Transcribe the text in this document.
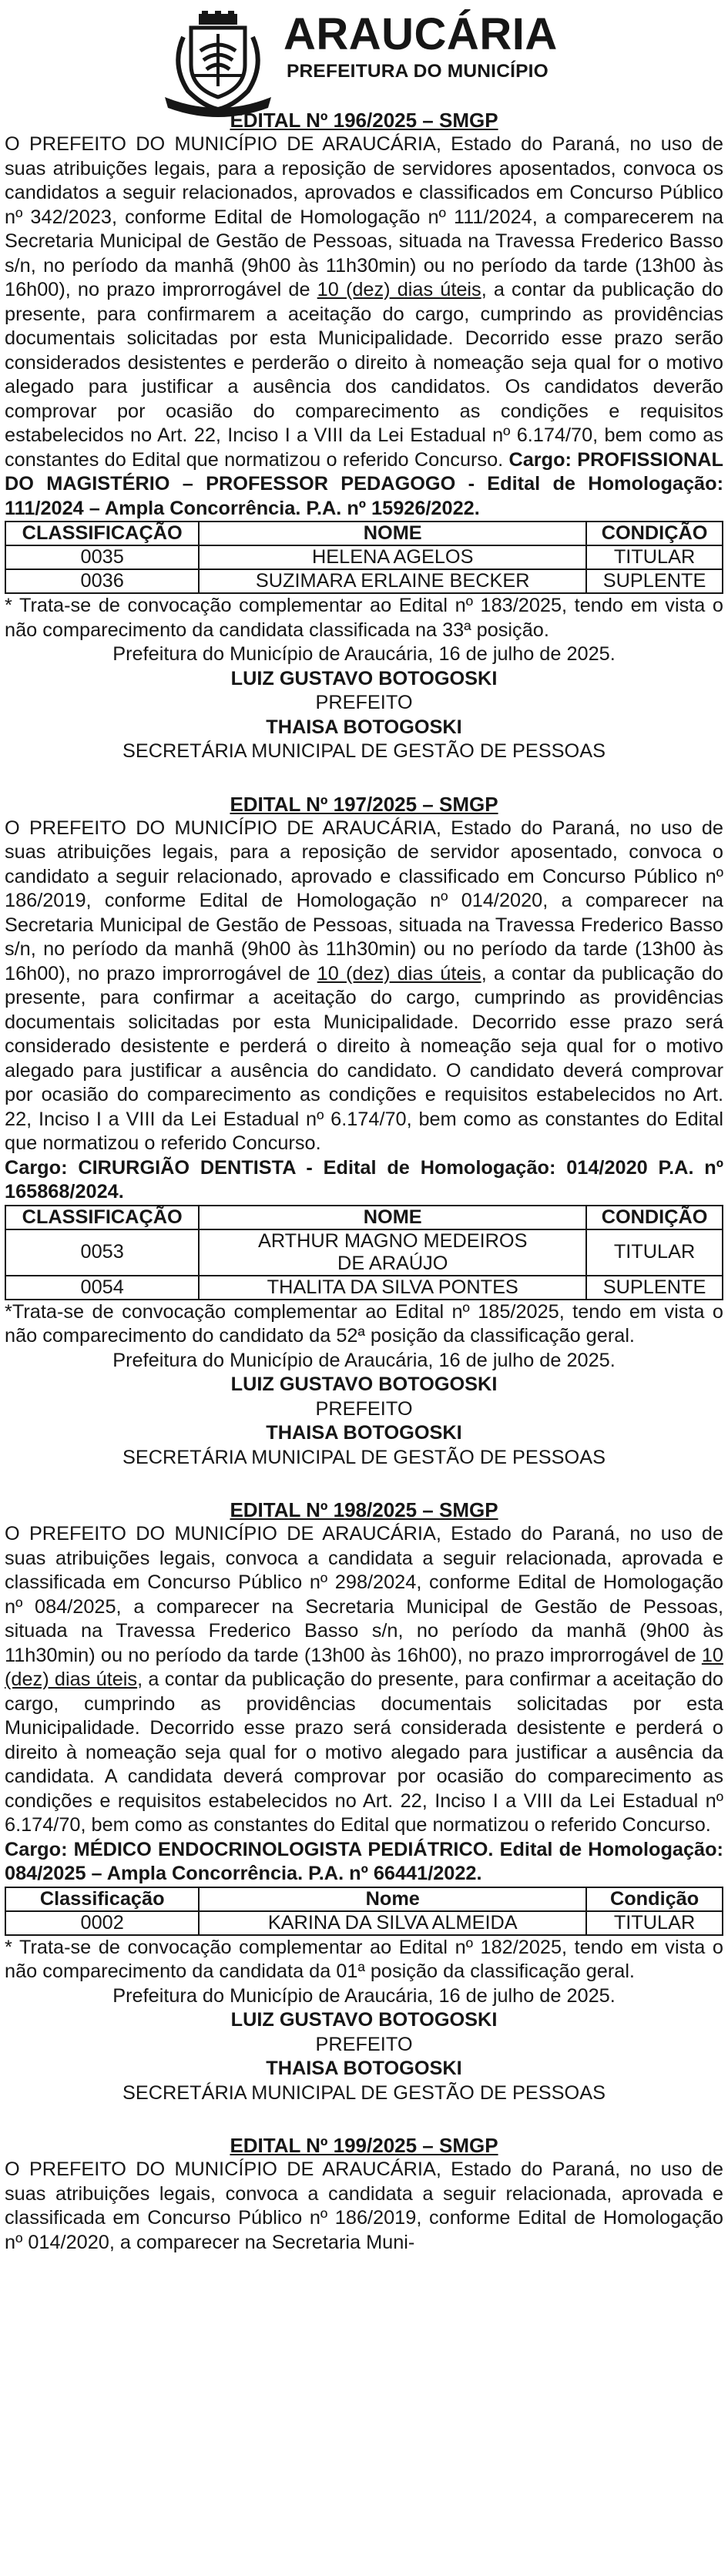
ARAUCÁRIA
PREFEITURA DO MUNICÍPIO

EDITAL Nº 196/2025 – SMGP

O PREFEITO DO MUNICÍPIO DE ARAUCÁRIA, Estado do Paraná, no uso de suas atribuições legais, para a reposição de servidores aposentados, convoca os candidatos a seguir relacionados, aprovados e classificados em Concurso Público nº 342/2023, conforme Edital de Homologação nº 111/2024, a comparecerem na Secretaria Municipal de Gestão de Pessoas, situada na Travessa Frederico Basso s/n, no período da manhã (9h00 às 11h30min) ou no período da tarde (13h00 às 16h00), no prazo improrrogável de 10 (dez) dias úteis, a contar da publicação do presente, para confirmarem a aceitação do cargo, cumprindo as providências documentais solicitadas por esta Municipalidade. Decorrido esse prazo serão considerados desistentes e perderão o direito à nomeação seja qual for o motivo alegado para justificar a ausência dos candidatos. Os candidatos deverão comprovar por ocasião do comparecimento as condições e requisitos estabelecidos no Art. 22, Inciso I a VIII da Lei Estadual nº 6.174/70, bem como as constantes do Edital que normatizou o referido Concurso. Cargo: PROFISSIONAL DO MAGISTÉRIO – PROFESSOR PEDAGOGO - Edital de Homologação: 111/2024 – Ampla Concorrência. P.A. nº 15926/2022.

CLASSIFICAÇÃO	NOME	CONDIÇÃO
0035	HELENA AGELOS	TITULAR
0036	SUZIMARA ERLAINE BECKER	SUPLENTE

* Trata-se de convocação complementar ao Edital nº 183/2025, tendo em vista o não comparecimento da candidata classificada na 33ª posição.

Prefeitura do Município de Araucária, 16 de julho de 2025.

LUIZ GUSTAVO BOTOGOSKI

PREFEITO

THAISA BOTOGOSKI

SECRETÁRIA MUNICIPAL DE GESTÃO DE PESSOAS

EDITAL Nº 197/2025 – SMGP

O PREFEITO DO MUNICÍPIO DE ARAUCÁRIA, Estado do Paraná, no uso de suas atribuições legais, para a reposição de servidor aposentado, convoca o candidato a seguir relacionado, aprovado e classificado em Concurso Público nº 186/2019, conforme Edital de Homologação nº 014/2020, a comparecer na Secretaria Municipal de Gestão de Pessoas, situada na Travessa Frederico Basso s/n, no período da manhã (9h00 às 11h30min) ou no período da tarde (13h00 às 16h00), no prazo improrrogável de 10 (dez) dias úteis, a contar da publicação do presente, para confirmar a aceitação do cargo, cumprindo as providências documentais solicitadas por esta Municipalidade. Decorrido esse prazo será considerado desistente e perderá o direito à nomeação seja qual for o motivo alegado para justificar a ausência do candidato. O candidato deverá comprovar por ocasião do comparecimento as condições e requisitos estabelecidos no Art. 22, Inciso I a VIII da Lei Estadual nº 6.174/70, bem como as constantes do Edital que normatizou o referido Concurso.

Cargo: CIRURGIÃO DENTISTA - Edital de Homologação: 014/2020 P.A. nº 165868/2024.

CLASSIFICAÇÃO	NOME	CONDIÇÃO
0053	ARTHUR MAGNO MEDEIROS DE ARAÚJO	TITULAR
0054	THALITA DA SILVA PONTES	SUPLENTE

*Trata-se de convocação complementar ao Edital nº 185/2025, tendo em vista o não comparecimento do candidato da 52ª posição da classificação geral.

Prefeitura do Município de Araucária, 16 de julho de 2025.

LUIZ GUSTAVO BOTOGOSKI

PREFEITO

THAISA BOTOGOSKI

SECRETÁRIA MUNICIPAL DE GESTÃO DE PESSOAS

EDITAL Nº 198/2025 – SMGP

O PREFEITO DO MUNICÍPIO DE ARAUCÁRIA, Estado do Paraná, no uso de suas atribuições legais, convoca a candidata a seguir relacionada, aprovada e classificada em Concurso Público nº 298/2024, conforme Edital de Homologação nº 084/2025, a comparecer na Secretaria Municipal de Gestão de Pessoas, situada na Travessa Frederico Basso s/n, no período da manhã (9h00 às 11h30min) ou no período da tarde (13h00 às 16h00), no prazo improrrogável de 10 (dez) dias úteis, a contar da publicação do presente, para confirmar a aceitação do cargo, cumprindo as providências documentais solicitadas por esta Municipalidade. Decorrido esse prazo será considerada desistente e perderá o direito à nomeação seja qual for o motivo alegado para justificar a ausência da candidata. A candidata deverá comprovar por ocasião do comparecimento as condições e requisitos estabelecidos no Art. 22, Inciso I a VIII da Lei Estadual nº 6.174/70, bem como as constantes do Edital que normatizou o referido Concurso.

Cargo: MÉDICO ENDOCRINOLOGISTA PEDIÁTRICO. Edital de Homologação: 084/2025 – Ampla Concorrência. P.A. nº 66441/2022.

Classificação	Nome	Condição
0002	KARINA DA SILVA ALMEIDA	TITULAR

* Trata-se de convocação complementar ao Edital nº 182/2025, tendo em vista o não comparecimento da candidata da 01ª posição da classificação geral.

Prefeitura do Município de Araucária, 16 de julho de 2025.

LUIZ GUSTAVO BOTOGOSKI

PREFEITO

THAISA BOTOGOSKI

SECRETÁRIA MUNICIPAL DE GESTÃO DE PESSOAS

EDITAL Nº 199/2025 – SMGP

O PREFEITO DO MUNICÍPIO DE ARAUCÁRIA, Estado do Paraná, no uso de suas atribuições legais, convoca a candidata a seguir relacionada, aprovada e classificada em Concurso Público nº 186/2019, conforme Edital de Homologação nº 014/2020, a comparecer na Secretaria Muni-
